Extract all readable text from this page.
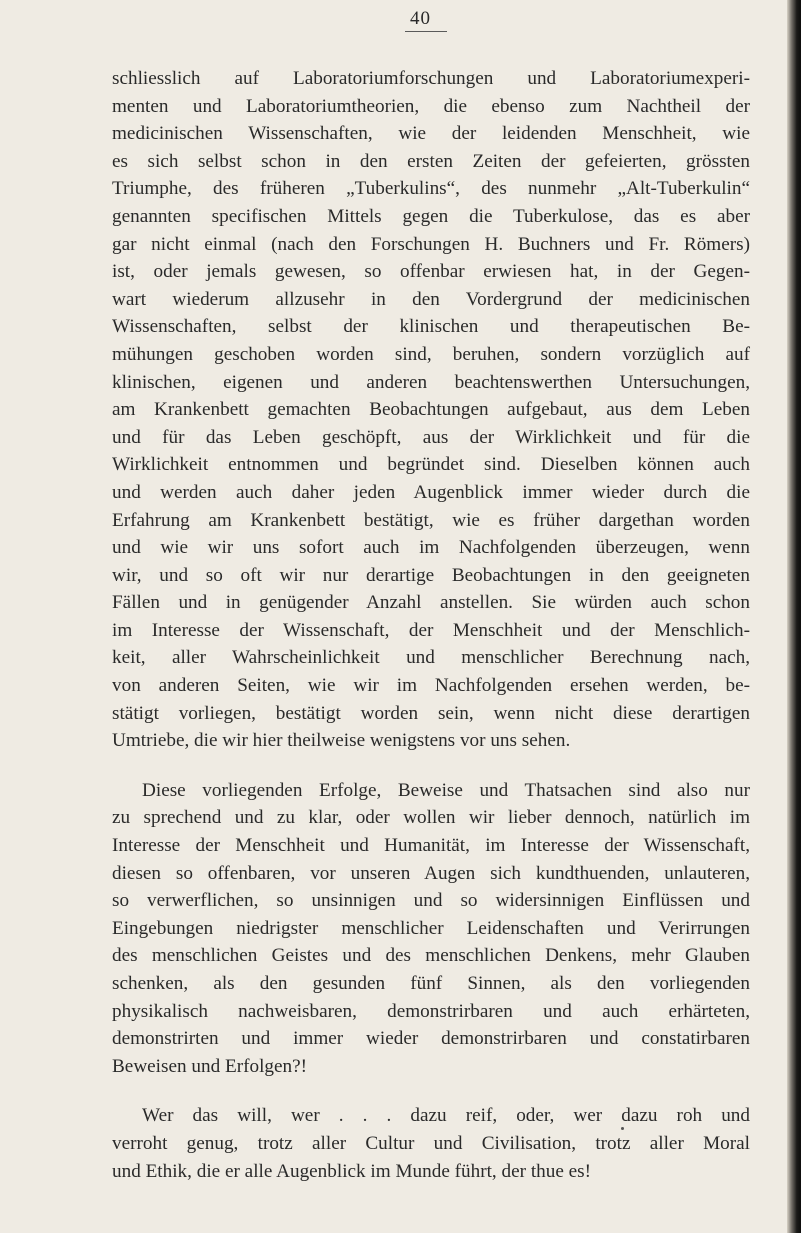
40
schliesslich auf Laboratoriumforschungen und Laboratoriumexperi-
menten und Laboratoriumtheorien, die ebenso zum Nachtheil der
medicinischen Wissenschaften, wie der leidenden Menschheit, wie
es sich selbst schon in den ersten Zeiten der gefeierten, grössten
Triumphe, des früheren „Tuberkulins“, des nunmehr „Alt-Tuberkulin“
genannten specifischen Mittels gegen die Tuberkulose, das es aber
gar nicht einmal (nach den Forschungen H. Buchners und Fr. Römers)
ist, oder jemals gewesen, so offenbar erwiesen hat, in der Gegen-
wart wiederum allzusehr in den Vordergrund der medicinischen
Wissenschaften, selbst der klinischen und therapeutischen Be-
mühungen geschoben worden sind, beruhen, sondern vorzüglich auf
klinischen, eigenen und anderen beachtenswerthen Untersuchungen,
am Krankenbett gemachten Beobachtungen aufgebaut, aus dem Leben
und für das Leben geschöpft, aus der Wirklichkeit und für die
Wirklichkeit entnommen und begründet sind. Dieselben können auch
und werden auch daher jeden Augenblick immer wieder durch die
Erfahrung am Krankenbett bestätigt, wie es früher dargethan worden
und wie wir uns sofort auch im Nachfolgenden überzeugen, wenn
wir, und so oft wir nur derartige Beobachtungen in den geeigneten
Fällen und in genügender Anzahl anstellen. Sie würden auch schon
im Interesse der Wissenschaft, der Menschheit und der Menschlich-
keit, aller Wahrscheinlichkeit und menschlicher Berechnung nach,
von anderen Seiten, wie wir im Nachfolgenden ersehen werden, be-
stätigt vorliegen, bestätigt worden sein, wenn nicht diese derartigen
Umtriebe, die wir hier theilweise wenigstens vor uns sehen.
Diese vorliegenden Erfolge, Beweise und Thatsachen sind also nur
zu sprechend und zu klar, oder wollen wir lieber dennoch, natürlich im
Interesse der Menschheit und Humanität, im Interesse der Wissenschaft,
diesen so offenbaren, vor unseren Augen sich kundthuenden, unlauteren,
so verwerflichen, so unsinnigen und so widersinnigen Einflüssen und
Eingebungen niedrigster menschlicher Leidenschaften und Verirrungen
des menschlichen Geistes und des menschlichen Denkens, mehr Glauben
schenken, als den gesunden fünf Sinnen, als den vorliegenden
physikalisch nachweisbaren, demonstrirbaren und auch erhärteten,
demonstrirten und immer wieder demonstrirbaren und constatirbaren
Beweisen und Erfolgen?!
Wer das will, wer . . . dazu reif, oder, wer dazu roh und
verroht genug, trotz aller Cultur und Civilisation, trotz aller Moral
und Ethik, die er alle Augenblick im Munde führt, der thue es!
